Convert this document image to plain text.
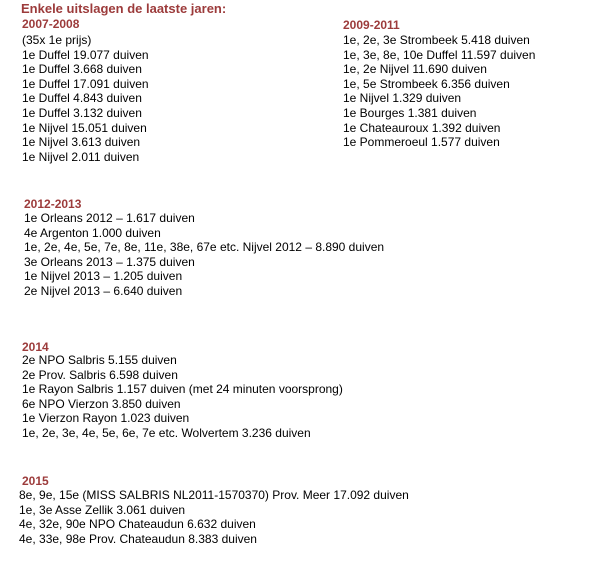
Enkele uitslagen de laatste jaren:
2007-2008
(35x 1e prijs)
1e Duffel 19.077 duiven
1e Duffel 3.668 duiven
1e Duffel 17.091 duiven
1e Duffel 4.843 duiven
1e Duffel 3.132 duiven
1e Nijvel 15.051 duiven
1e Nijvel 3.613 duiven
1e Nijvel 2.011 duiven
2009-2011
1e, 2e, 3e Strombeek 5.418 duiven
1e, 3e, 8e, 10e Duffel 11.597 duiven
1e, 2e Nijvel 11.690 duiven
1e, 5e Strombeek 6.356 duiven
1e Nijvel 1.329 duiven
1e Bourges 1.381 duiven
1e Chateauroux 1.392 duiven
1e Pommeroeul 1.577 duiven
2012-2013
1e Orleans 2012 – 1.617 duiven
4e Argenton 1.000 duiven
1e, 2e, 4e, 5e, 7e, 8e, 11e, 38e, 67e etc. Nijvel 2012 – 8.890 duiven
3e Orleans 2013 – 1.375 duiven
1e Nijvel 2013 – 1.205 duiven
2e Nijvel 2013 – 6.640 duiven
2014
2e NPO Salbris 5.155 duiven
2e Prov. Salbris 6.598 duiven
1e Rayon Salbris 1.157 duiven (met 24 minuten voorsprong)
6e NPO Vierzon 3.850 duiven
1e Vierzon Rayon 1.023 duiven
1e, 2e, 3e, 4e, 5e, 6e, 7e etc. Wolvertem 3.236 duiven
2015
8e, 9e, 15e (MISS SALBRIS NL2011-1570370) Prov. Meer 17.092 duiven
1e, 3e Asse Zellik 3.061 duiven
4e, 32e, 90e NPO Chateaudun 6.632 duiven
4e, 33e, 98e Prov. Chateaudun 8.383 duiven
